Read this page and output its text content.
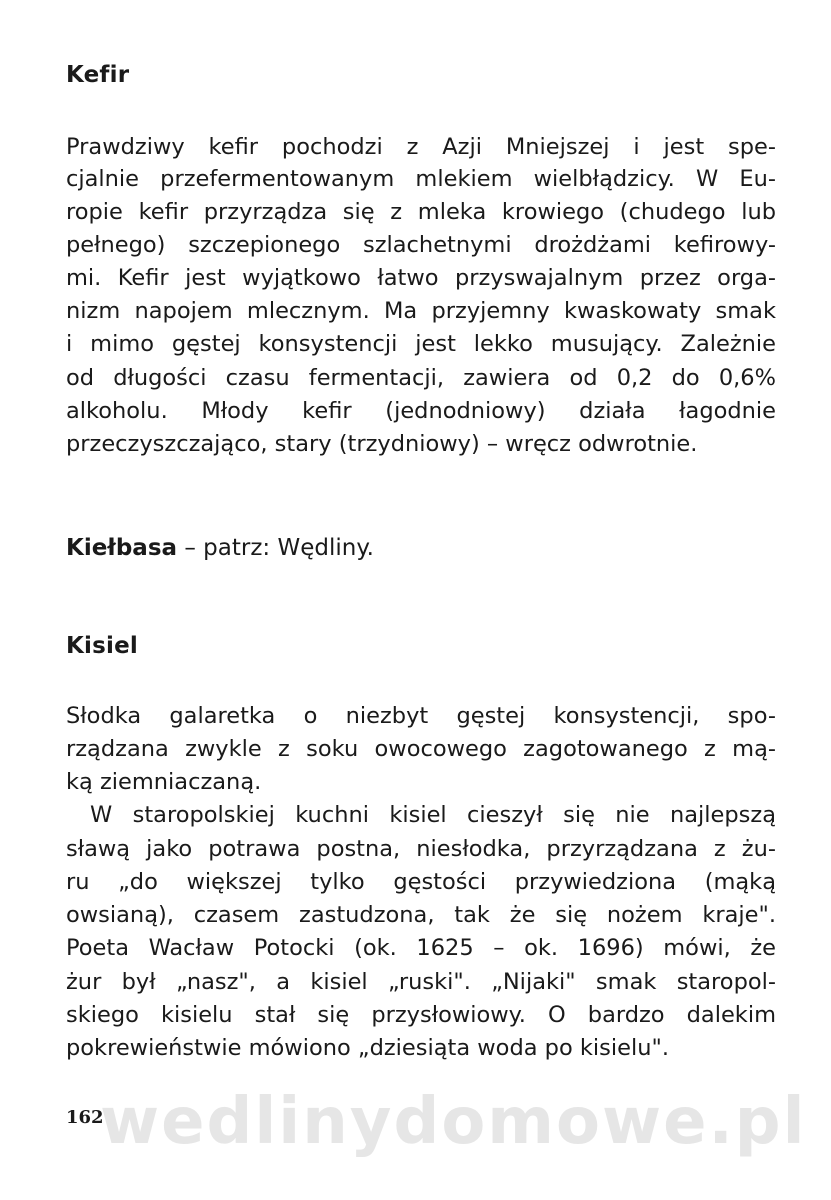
Kefir

Prawdziwy kefir pochodzi z Azji Mniejszej i jest spe-

cjalnie przefermentowanym mlekiem wielbłądzicy. W Eu-

ropie kefir przyrządza się z mleka krowiego (chudego lub

pełnego) szczepionego szlachetnymi drożdżami kefirowy-

mi. Kefir jest wyjątkowo łatwo przyswajalnym przez orga-

nizm napojem mlecznym. Ma przyjemny kwaskowaty smak

i mimo gęstej konsystencji jest lekko musujący. Zależnie

od długości czasu fermentacji, zawiera od 0,2 do 0,6%

alkoholu. Młody kefir (jednodniowy) działa łagodnie

przeczyszczająco, stary (trzydniowy) – wręcz odwrotnie.

Kiełbasa – patrz: Wędliny.
Kisiel

Słodka galaretka o niezbyt gęstej konsystencji, spo-

rządzana zwykle z soku owocowego zagotowanego z mą-

ką ziemniaczaną.

W staropolskiej kuchni kisiel cieszył się nie najlepszą

sławą jako potrawa postna, niesłodka, przyrządzana z żu-

ru „do większej tylko gęstości przywiedziona (mąką

owsianą), czasem zastudzona, tak że się nożem kraje".

Poeta Wacław Potocki (ok. 1625 – ok. 1696) mówi, że

żur był „nasz", a kisiel „ruski". „Nijaki" smak staropol-

skiego kisielu stał się przysłowiowy. O bardzo dalekim

pokrewieństwie mówiono „dziesiąta woda po kisielu".

wedlinydomowe.pl
162
